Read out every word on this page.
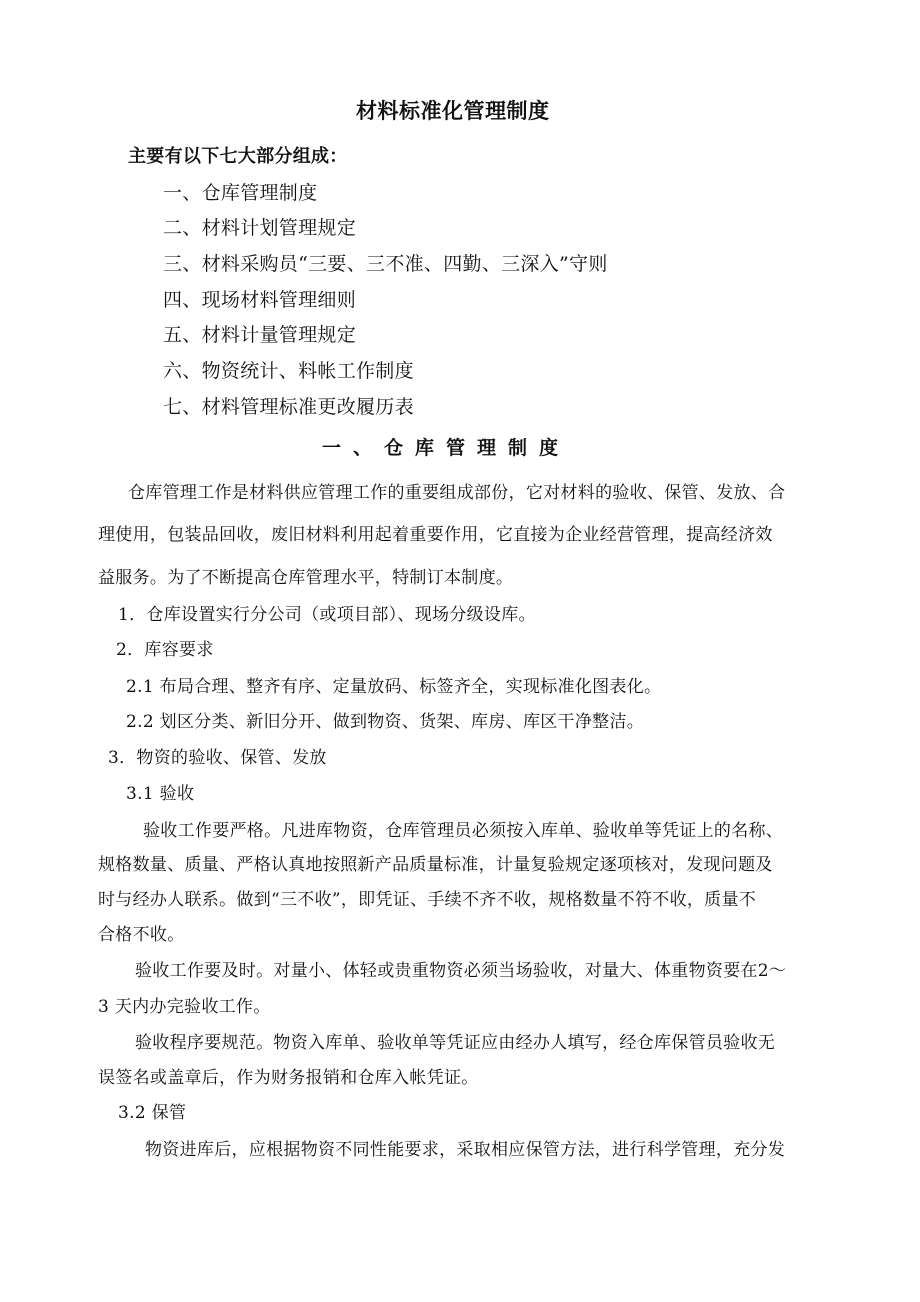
材料标准化管理制度
主要有以下七大部分组成：
一、仓库管理制度
二、材料计划管理规定
三、材料采购员“三要、三不准、四勤、三深入”守则
四、现场材料管理细则
五、材料计量管理规定
六、物资统计、料帐工作制度
七、材料管理标准更改履历表
一、仓库管理制度
仓库管理工作是材料供应管理工作的重要组成部份，它对材料的验收、保管、发放、合
理使用，包装品回收，废旧材料利用起着重要作用，它直接为企业经营管理，提高经济效
益服务。为了不断提高仓库管理水平，特制订本制度。
1．仓库设置实行分公司（或项目部）、现场分级设库。
2．库容要求
2.1 布局合理、整齐有序、定量放码、标签齐全，实现标准化图表化。
2.2 划区分类、新旧分开、做到物资、货架、库房、库区干净整洁。
3．物资的验收、保管、发放
3.1 验收
验收工作要严格。凡进库物资，仓库管理员必须按入库单、验收单等凭证上的名称、
规格数量、质量、严格认真地按照新产品质量标准，计量复验规定逐项核对，发现问题及
时与经办人联系。做到“三不收”，即凭证、手续不齐不收，规格数量不符不收，质量不
合格不收。
验收工作要及时。对量小、体轻或贵重物资必须当场验收，对量大、体重物资要在2～
3 天内办完验收工作。
验收程序要规范。物资入库单、验收单等凭证应由经办人填写，经仓库保管员验收无
误签名或盖章后，作为财务报销和仓库入帐凭证。
3.2 保管
物资进库后，应根据物资不同性能要求，采取相应保管方法，进行科学管理，充分发
